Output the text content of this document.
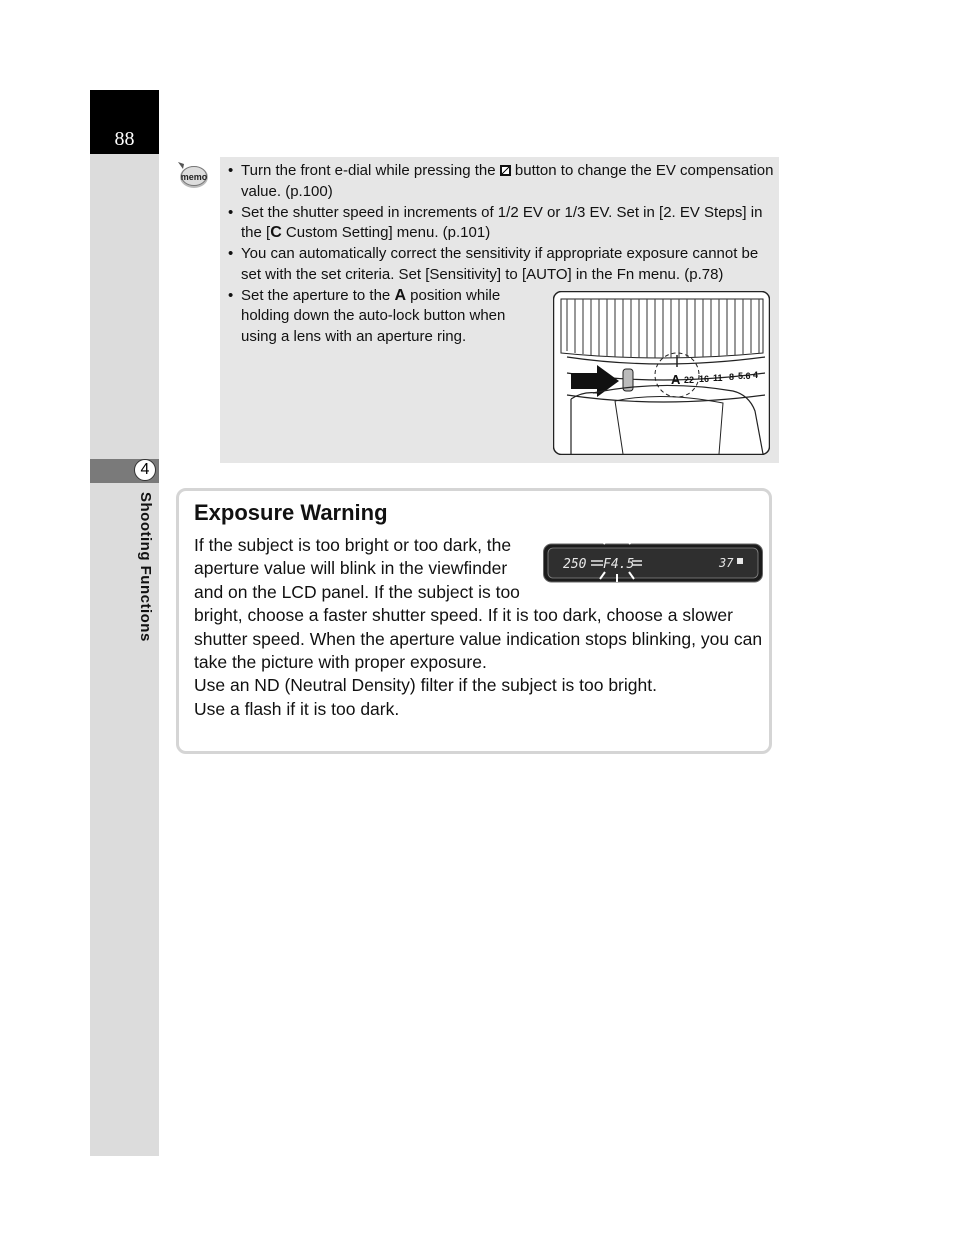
88
4
Shooting Functions
memo
•	Turn the front e-dial while pressing the  button to change the EV compensation value. (p.100)
• Set the shutter speed in increments of 1/2 EV or 1/3 EV. Set in [2. EV Steps] in the [C Custom Setting] menu. (p.101)
• You can automatically correct the sensitivity if appropriate exposure cannot be set with the set criteria. Set [Sensitivity] to [AUTO] in the Fn menu. (p.78)
• Set the aperture to the A position while holding down the auto-lock button when using a lens with an aperture ring.
A 22 16 11 8 5.6 4
Exposure Warning
250 F4.5	37

If the subject is too bright or too dark, the aperture value will blink in the viewfinder and on the LCD panel. If the subject is too bright, choose a faster shutter speed. If it is too dark, choose a slower shutter speed. When the aperture value indication stops blinking, you can take the picture with proper exposure.

Use an ND (Neutral Density) filter if the subject is too bright.

Use a flash if it is too dark.
